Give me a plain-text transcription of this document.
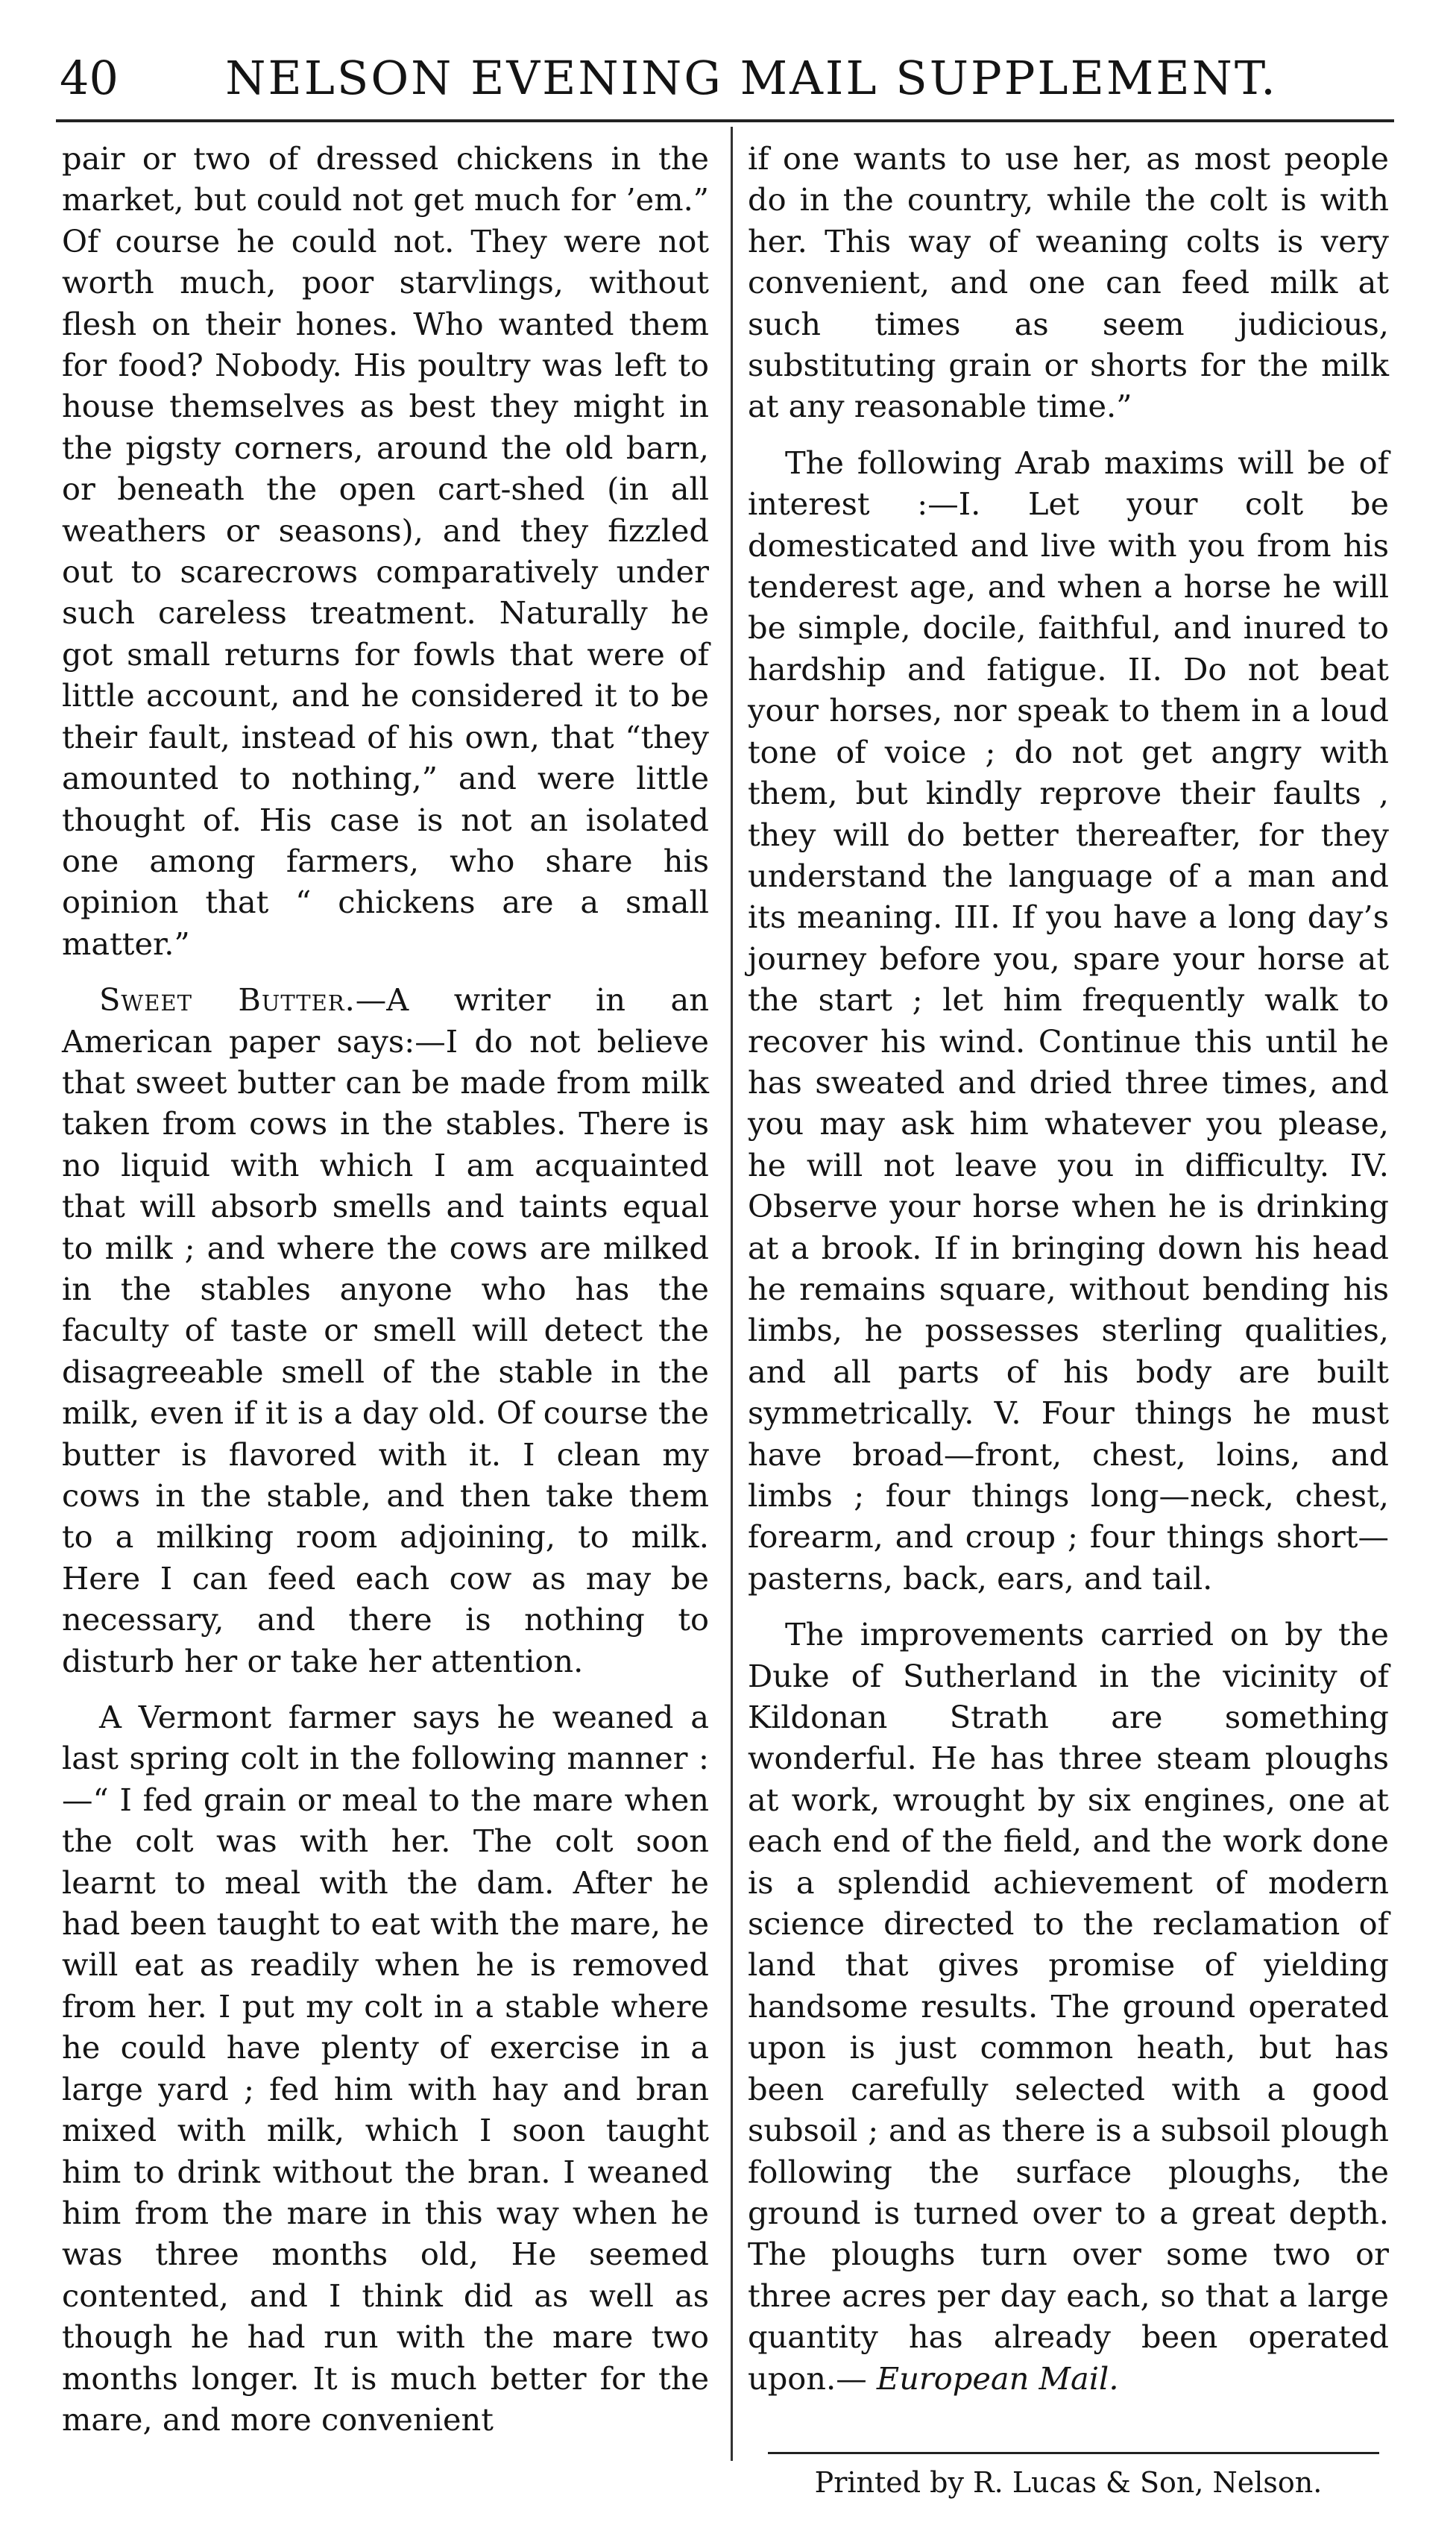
40	NELSON EVENING MAIL SUPPLEMENT.

pair or two of dressed chickens in the market, but could not get much for ’em.” Of course he could not. They were not worth much, poor starvlings, without flesh on their hones. Who wanted them for food? Nobody. His poultry was left to house themselves as best they might in the pigsty corners, around the old barn, or beneath the open cart-shed (in all weathers or seasons), and they fizzled out to scarecrows comparatively under such careless treatment. Naturally he got small returns for fowls that were of little account, and he considered it to be their fault, instead of his own, that “they amounted to nothing,” and were little thought of. His case is not an isolated one among farmers, who share his opinion that “ chickens are a small matter.”

Sweet Butter.—A writer in an American paper says:—I do not believe that sweet butter can be made from milk taken from cows in the stables. There is no liquid with which I am acquainted that will absorb smells and taints equal to milk ; and where the cows are milked in the stables anyone who has the faculty of taste or smell will detect the disagreeable smell of the stable in the milk, even if it is a day old. Of course the butter is flavored with it. I clean my cows in the stable, and then take them to a milking room adjoining, to milk. Here I can feed each cow as may be necessary, and there is nothing to disturb her or take her attention.

A Vermont farmer says he weaned a last spring colt in the following manner :—“ I fed grain or meal to the mare when the colt was with her. The colt soon learnt to meal with the dam. After he had been taught to eat with the mare, he will eat as readily when he is removed from her. I put my colt in a stable where he could have plenty of exercise in a large yard ; fed him with hay and bran mixed with milk, which I soon taught him to drink without the bran. I weaned him from the mare in this way when he was three months old, He seemed contented, and I think did as well as though he had run with the mare two months longer. It is much better for the mare, and more convenient

if one wants to use her, as most people do in the country, while the colt is with her. This way of weaning colts is very convenient, and one can feed milk at such times as seem judicious, substituting grain or shorts for the milk at any reasonable time.”

The following Arab maxims will be of interest :—I. Let your colt be domesticated and live with you from his tenderest age, and when a horse he will be simple, docile, faithful, and inured to hardship and fatigue. II. Do not beat your horses, nor speak to them in a loud tone of voice ; do not get angry with them, but kindly reprove their faults , they will do better thereafter, for they understand the language of a man and its meaning. III. If you have a long day’s journey before you, spare your horse at the start ; let him frequently walk to recover his wind. Continue this until he has sweated and dried three times, and you may ask him whatever you please, he will not leave you in difficulty. IV. Observe your horse when he is drinking at a brook. If in bringing down his head he remains square, without bending his limbs, he possesses sterling qualities, and all parts of his body are built symmetrically. V. Four things he must have broad—front, chest, loins, and limbs ; four things long—neck, chest, forearm, and croup ; four things short—pasterns, back, ears, and tail.

The improvements carried on by the Duke of Sutherland in the vicinity of Kildonan Strath are something wonderful. He has three steam ploughs at work, wrought by six engines, one at each end of the field, and the work done is a splendid achievement of modern science directed to the reclamation of land that gives promise of yielding handsome results. The ground operated upon is just common heath, but has been carefully selected with a good subsoil ; and as there is a subsoil plough following the surface ploughs, the ground is turned over to a great depth. The ploughs turn over some two or three acres per day each, so that a large quantity has already been operated upon.— European Mail.

Printed by R. Lucas & Son, Nelson.
